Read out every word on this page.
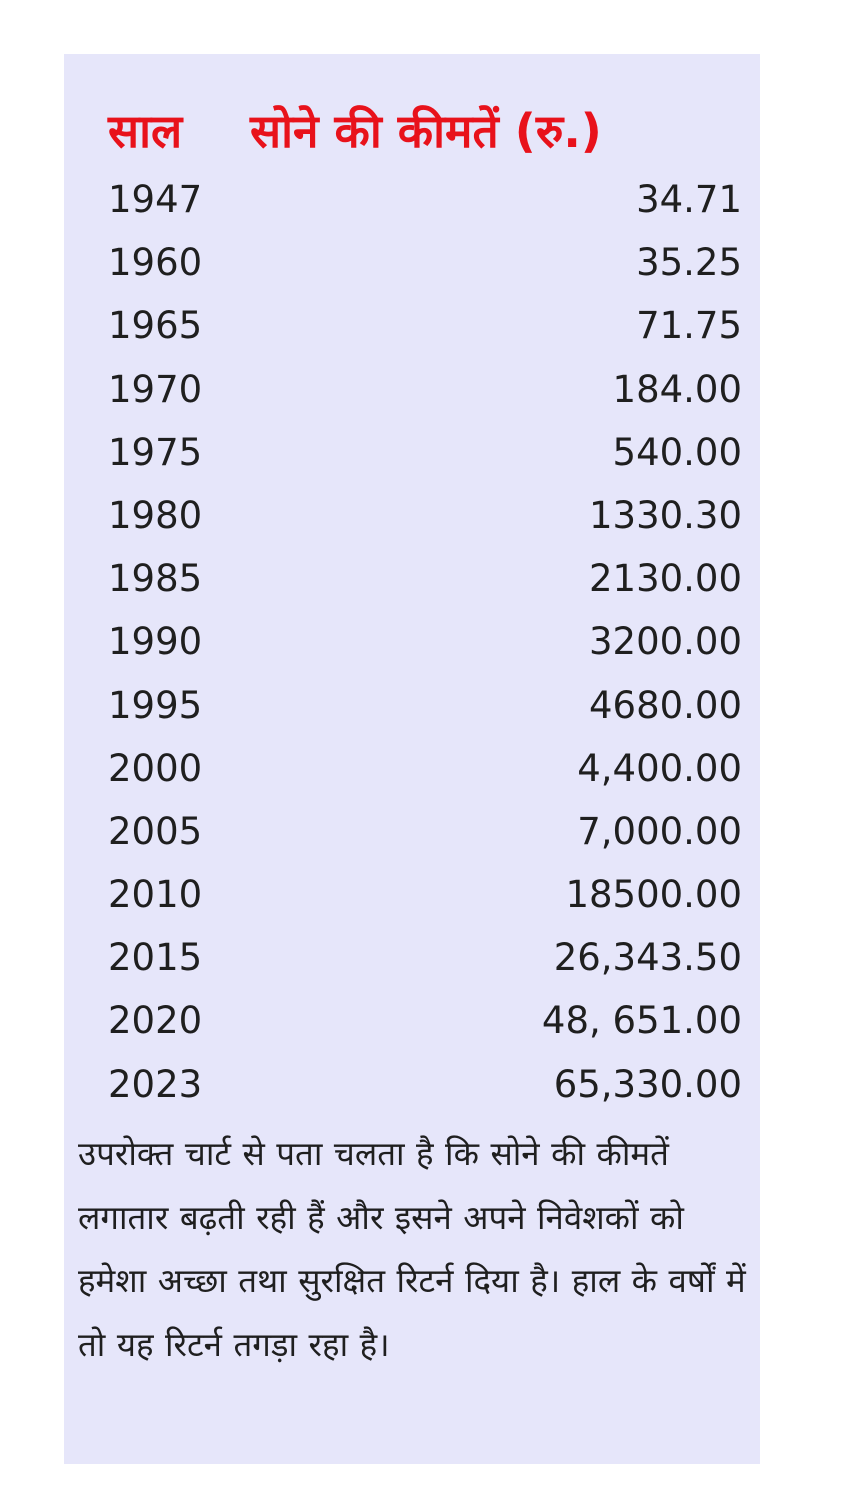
साल सोने की कीमतें (रु.)
1947	34.71
1960	35.25
1965	71.75
1970	184.00
1975	540.00
1980	1330.30
1985	2130.00
1990	3200.00
1995	4680.00
2000	4,400.00
2005	7,000.00
2010	18500.00
2015	26,343.50
2020	48, 651.00
2023	65,330.00
उपरोक्त चार्ट से पता चलता है कि सोने की कीमतें लगातार बढ़ती रही हैं और इसने अपने निवेशकों को हमेशा अच्छा तथा सुरक्षित रिटर्न दिया है। हाल के वर्षों में तो यह रिटर्न तगड़ा रहा है।
